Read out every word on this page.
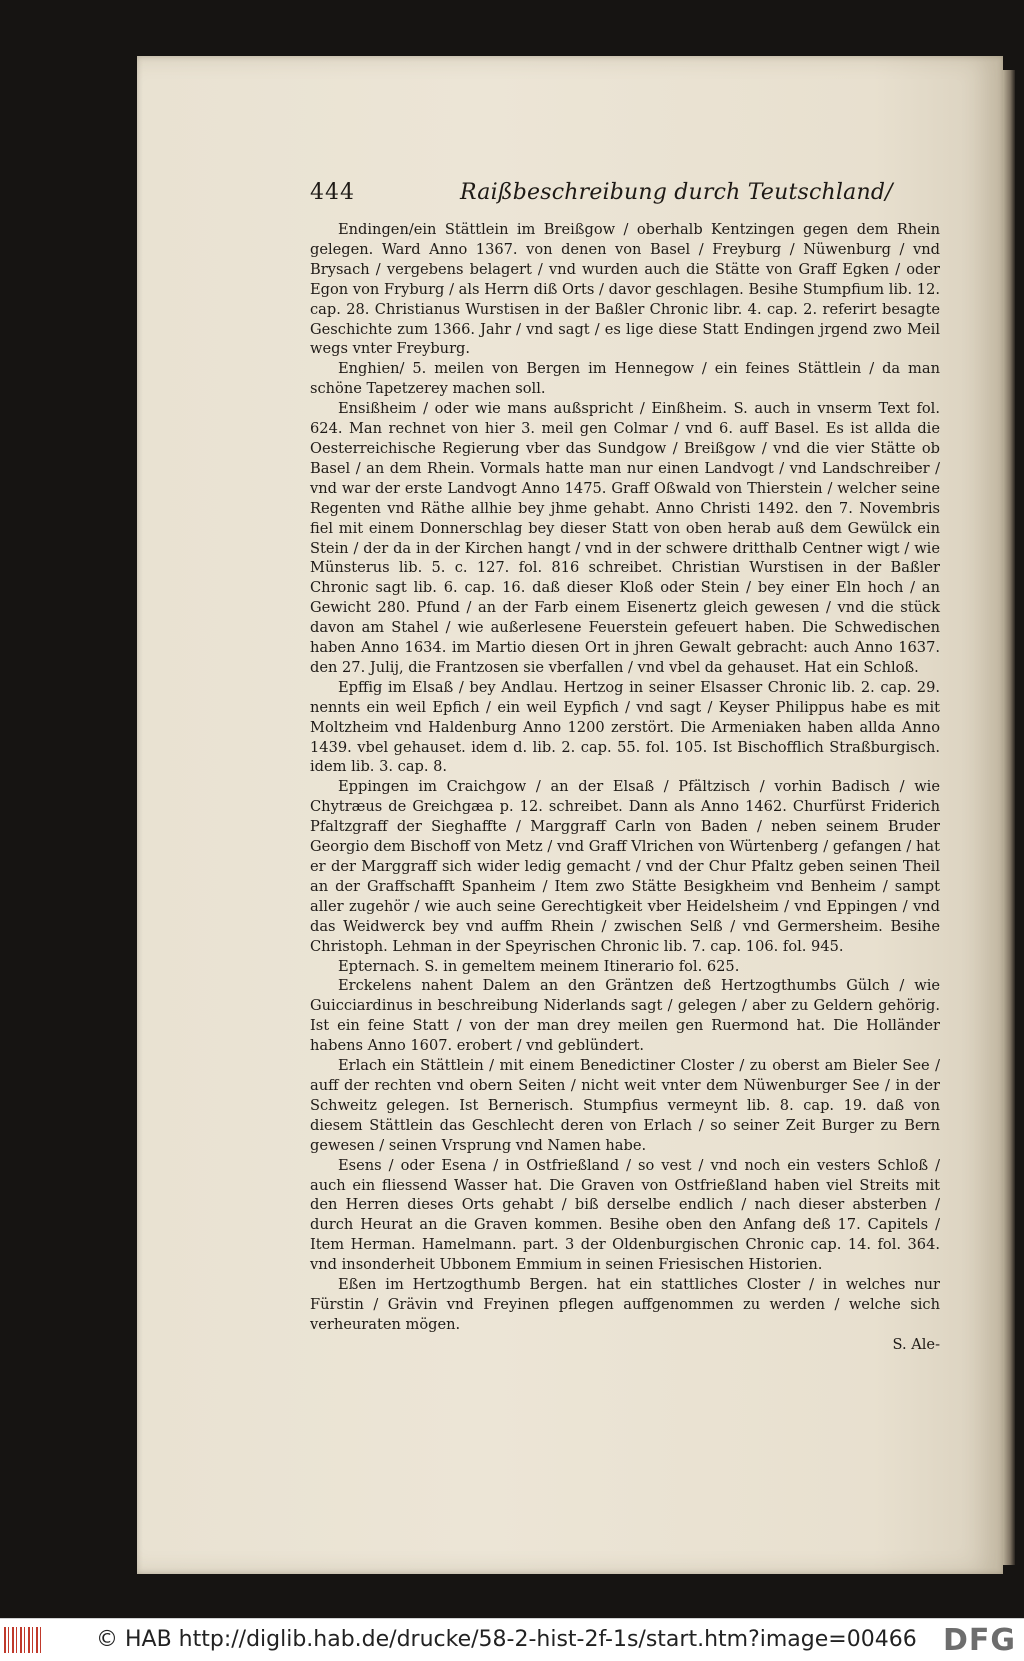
444	Raißbeschreibung durch Teutschland/

Endingen/ein Stättlein im Breißgow / oberhalb Kentzingen gegen dem Rhein gelegen. Ward Anno 1367. von denen von Basel / Freyburg / Nüwenburg / vnd Brysach / vergebens belagert / vnd wurden auch die Stätte von Graff Egken / oder Egon von Fryburg / als Herrn diß Orts / davor geschlagen. Besihe Stumpfium lib. 12. cap. 28. Christianus Wurstisen in der Baßler Chronic libr. 4. cap. 2. referirt besagte Geschichte zum 1366. Jahr / vnd sagt / es lige diese Statt Endingen jrgend zwo Meil wegs vnter Freyburg.

Enghien/ 5. meilen von Bergen im Hennegow / ein feines Stättlein / da man schöne Tapetzerey machen soll.

Ensißheim / oder wie mans außspricht / Einßheim. S. auch in vnserm Text fol. 624. Man rechnet von hier 3. meil gen Colmar / vnd 6. auff Basel. Es ist allda die Oesterreichische Regierung vber das Sundgow / Breißgow / vnd die vier Stätte ob Basel / an dem Rhein. Vormals hatte man nur einen Landvogt / vnd Landschreiber / vnd war der erste Landvogt Anno 1475. Graff Oßwald von Thierstein / welcher seine Regenten vnd Räthe allhie bey jhme gehabt. Anno Christi 1492. den 7. Novembris fiel mit einem Donnerschlag bey dieser Statt von oben herab auß dem Gewülck ein Stein / der da in der Kirchen hangt / vnd in der schwere dritthalb Centner wigt / wie Münsterus lib. 5. c. 127. fol. 816 schreibet. Christian Wurstisen in der Baßler Chronic sagt lib. 6. cap. 16. daß dieser Kloß oder Stein / bey einer Eln hoch / an Gewicht 280. Pfund / an der Farb einem Eisenertz gleich gewesen / vnd die stück davon am Stahel / wie außerlesene Feuerstein gefeuert haben. Die Schwedischen haben Anno 1634. im Martio diesen Ort in jhren Gewalt gebracht: auch Anno 1637. den 27. Julij, die Frantzosen sie vberfallen / vnd vbel da gehauset. Hat ein Schloß.

Epffig im Elsaß / bey Andlau. Hertzog in seiner Elsasser Chronic lib. 2. cap. 29. nennts ein weil Epfich / ein weil Eypfich / vnd sagt / Keyser Philippus habe es mit Moltzheim vnd Haldenburg Anno 1200 zerstört. Die Armeniaken haben allda Anno 1439. vbel gehauset. idem d. lib. 2. cap. 55. fol. 105. Ist Bischofflich Straßburgisch. idem lib. 3. cap. 8.

Eppingen im Craichgow / an der Elsaß / Pfältzisch / vorhin Badisch / wie Chytræus de Greichgæa p. 12. schreibet. Dann als Anno 1462. Churfürst Friderich Pfaltzgraff der Sieghaffte / Marggraff Carln von Baden / neben seinem Bruder Georgio dem Bischoff von Metz / vnd Graff Vlrichen von Würtenberg / gefangen / hat er der Marggraff sich wider ledig gemacht / vnd der Chur Pfaltz geben seinen Theil an der Graffschafft Spanheim / Item zwo Stätte Besigkheim vnd Benheim / sampt aller zugehör / wie auch seine Gerechtigkeit vber Heidelsheim / vnd Eppingen / vnd das Weidwerck bey vnd auffm Rhein / zwischen Selß / vnd Germersheim. Besihe Christoph. Lehman in der Speyrischen Chronic lib. 7. cap. 106. fol. 945.

Epternach. S. in gemeltem meinem Itinerario fol. 625.

Erckelens nahent Dalem an den Gräntzen deß Hertzogthumbs Gülch / wie Guicciardinus in beschreibung Niderlands sagt / gelegen / aber zu Geldern gehörig. Ist ein feine Statt / von der man drey meilen gen Ruermond hat. Die Holländer habens Anno 1607. erobert / vnd geblündert.

Erlach ein Stättlein / mit einem Benedictiner Closter / zu oberst am Bieler See / auff der rechten vnd obern Seiten / nicht weit vnter dem Nüwenburger See / in der Schweitz gelegen. Ist Bernerisch. Stumpfius vermeynt lib. 8. cap. 19. daß von diesem Stättlein das Geschlecht deren von Erlach / so seiner Zeit Burger zu Bern gewesen / seinen Vrsprung vnd Namen habe.

Esens / oder Esena / in Ostfrießland / so vest / vnd noch ein vesters Schloß / auch ein fliessend Wasser hat. Die Graven von Ostfrießland haben viel Streits mit den Herren dieses Orts gehabt / biß derselbe endlich / nach dieser absterben / durch Heurat an die Graven kommen. Besihe oben den Anfang deß 17. Capitels / Item Herman. Hamelmann. part. 3 der Oldenburgischen Chronic cap. 14. fol. 364. vnd insonderheit Ubbonem Emmium in seinen Friesischen Historien.

Eßen im Hertzogthumb Bergen. hat ein stattliches Closter / in welches nur Fürstin / Grävin vnd Freyinen pflegen auffgenommen zu werden / welche sich verheuraten mögen.

S. Ale-
© HAB http://diglib.hab.de/drucke/58-2-hist-2f-1s/start.htm?image=00466 DFG
